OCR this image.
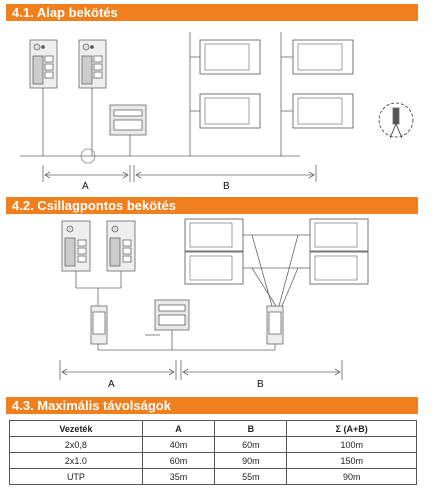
4.1. Alap bekötés
A	B
4.2. Csillagpontos bekötés
A	B
4.3. Maximális távolságok
Vezeték	A	B	Σ (A+B)
2x0,8	40m	60m	100m
2x1.0	60m	90m	150m
UTP	35m	55m	90m
